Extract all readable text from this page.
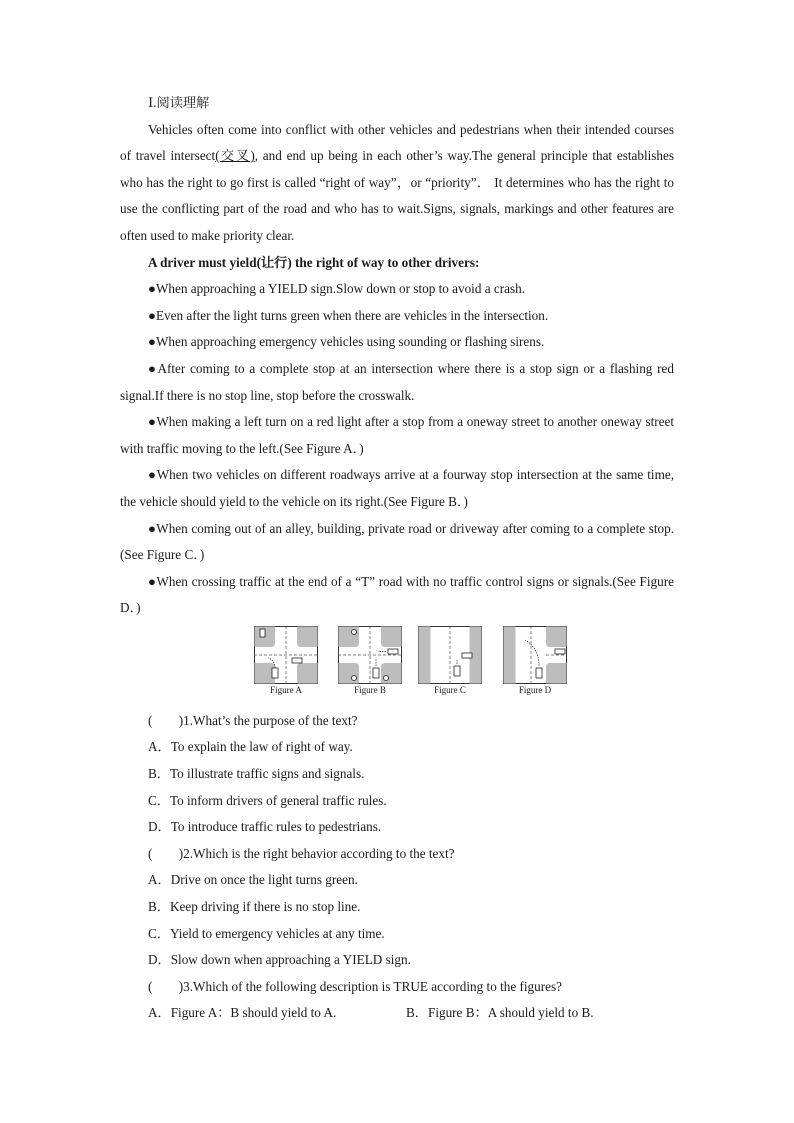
Ⅰ.阅读理解

Vehicles often come into conflict with other vehicles and pedestrians when their intended courses of travel intersect(交叉), and end up being in each other’s way.The general principle that establishes who has the right to go first is called “right of way”，or “priority”． It determines who has the right to use the conflicting part of the road and who has to wait.Signs, signals, markings and other features are often used to make priority clear.

A driver must yield(让行) the right of way to other drivers:

●When approaching a YIELD sign.Slow down or stop to avoid a crash.

●Even after the light turns green when there are vehicles in the intersection.

●When approaching emergency vehicles using sounding or flashing sirens.

●After coming to a complete stop at an intersection where there is a stop sign or a flashing red signal.If there is no stop line, stop before the crosswalk.

●When making a left turn on a red light after a stop from a oneway street to another oneway street with traffic moving to the left.(See Figure A．)

●When two vehicles on different roadways arrive at a fourway stop intersection at the same time, the vehicle should yield to the vehicle on its right.(See Figure B．)

●When coming out of an alley, building, private road or driveway after coming to a complete stop.(See Figure C．)

●When crossing traffic at the end of a “T” road with no traffic control signs or signals.(See Figure D．)

Figure A	Figure B	Figure C	Figure D
(　　)1.What’s the purpose of the text?
A．To explain the law of right of way.
B．To illustrate traffic signs and signals.
C．To inform drivers of general traffic rules.
D．To introduce traffic rules to pedestrians.
(　　)2.Which is the right behavior according to the text?
A．Drive on once the light turns green.
B．Keep driving if there is no stop line.
C．Yield to emergency vehicles at any time.
D．Slow down when approaching a YIELD sign.
(　　)3.Which of the following description is TRUE according to the figures?
A．Figure A：B should yield to A.	B．Figure B：A should yield to B.
